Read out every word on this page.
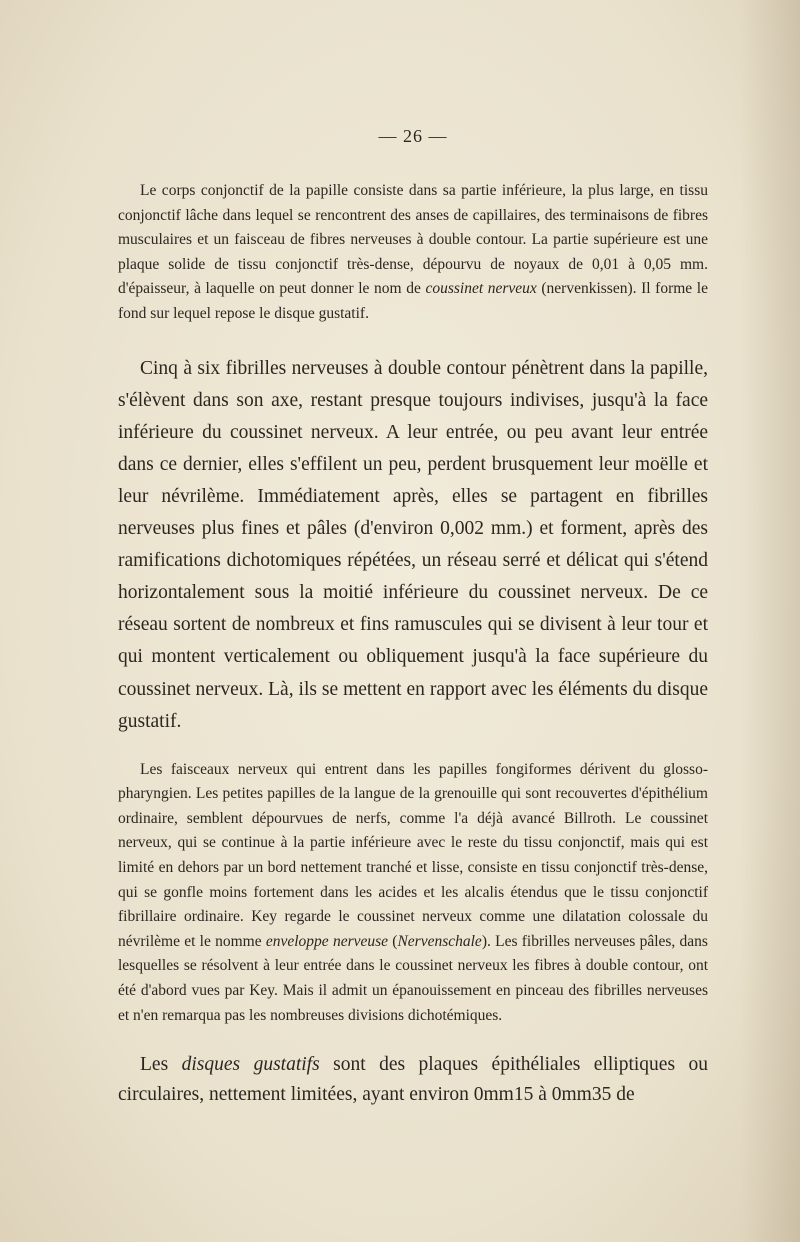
— 26 —

Le corps conjonctif de la papille consiste dans sa partie inférieure, la plus large, en tissu conjonctif lâche dans lequel se rencontrent des anses de capillaires, des terminaisons de fibres musculaires et un faisceau de fibres nerveuses à double contour. La partie supérieure est une plaque solide de tissu conjonctif très-dense, dépourvu de noyaux de 0,01 à 0,05 mm. d'épaisseur, à laquelle on peut donner le nom de coussinet nerveux (nervenkissen). Il forme le fond sur lequel repose le disque gustatif.

Cinq à six fibrilles nerveuses à double contour pénètrent dans la papille, s'élèvent dans son axe, restant presque toujours indivises, jusqu'à la face inférieure du coussinet nerveux. A leur entrée, ou peu avant leur entrée dans ce dernier, elles s'effilent un peu, perdent brusquement leur moëlle et leur névrilème. Immédiatement après, elles se partagent en fibrilles nerveuses plus fines et pâles (d'environ 0,002 mm.) et forment, après des ramifications dichotomiques répétées, un réseau serré et délicat qui s'étend horizontalement sous la moitié inférieure du coussinet nerveux. De ce réseau sortent de nombreux et fins ramuscules qui se divisent à leur tour et qui montent verticalement ou obliquement jusqu'à la face supérieure du coussinet nerveux. Là, ils se mettent en rapport avec les éléments du disque gustatif.

Les faisceaux nerveux qui entrent dans les papilles fongiformes dérivent du glosso-pharyngien. Les petites papilles de la langue de la grenouille qui sont recouvertes d'épithélium ordinaire, semblent dépourvues de nerfs, comme l'a déjà avancé Billroth. Le coussinet nerveux, qui se continue à la partie inférieure avec le reste du tissu conjonctif, mais qui est limité en dehors par un bord nettement tranché et lisse, consiste en tissu conjonctif très-dense, qui se gonfle moins fortement dans les acides et les alcalis étendus que le tissu conjonctif fibrillaire ordinaire. Key regarde le coussinet nerveux comme une dilatation colossale du névrilème et le nomme enveloppe nerveuse (Nervenschale). Les fibrilles nerveuses pâles, dans lesquelles se résolvent à leur entrée dans le coussinet nerveux les fibres à double contour, ont été d'abord vues par Key. Mais il admit un épanouissement en pinceau des fibrilles nerveuses et n'en remarqua pas les nombreuses divisions dichotémiques.

Les disques gustatifs sont des plaques épithéliales elliptiques ou circulaires, nettement limitées, ayant environ 0mm15 à 0mm35 de
